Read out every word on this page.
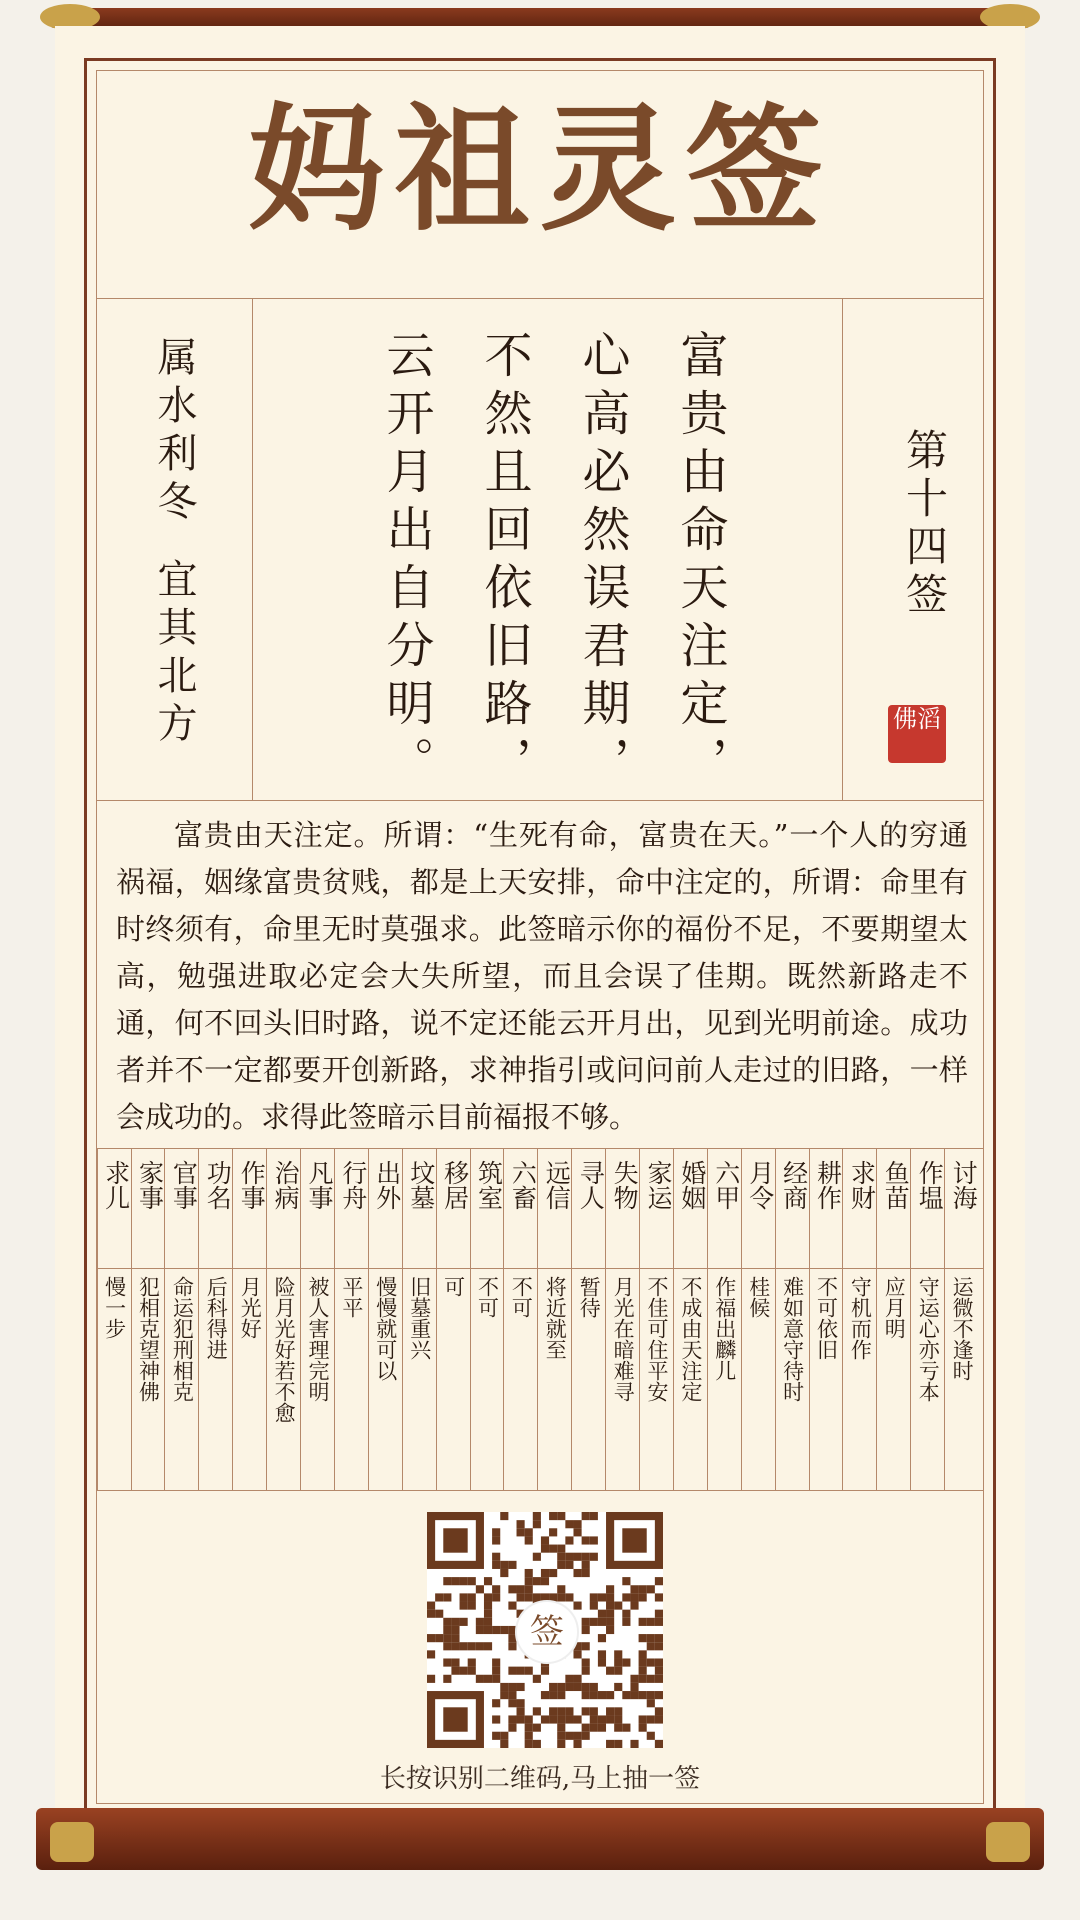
妈祖灵签
属水利冬
宜其北方	富贵由命天注定，
心高必然误君期，
不然且回依旧路，
云开月出自分明。	第十四签
佛滔
富贵由天注定。所谓：“生死有命，富贵在天。”一个人的穷通祸福，姻缘富贵贫贱，都是上天安排，命中注定的，所谓：命里有时终须有，命里无时莫强求。此签暗示你的福份不足，不要期望太高，勉强进取必定会大失所望，而且会误了佳期。既然新路走不通，何不回头旧时路，说不定还能云开月出，见到光明前途。成功者并不一定都要开创新路，求神指引或问问前人走过的旧路，一样会成功的。求得此签暗示目前福报不够。
讨海
运微不逢时
作塭
守运心亦亏本
鱼苗
应月明
求财
守机而作
耕作
不可依旧
经商
难如意守待时
月令
桂候
六甲
作福出麟儿
婚姻
不成由天注定
家运
不佳可住平安
失物
月光在暗难寻
寻人
暂待
远信
将近就至
六畜
不可
筑室
不可
移居
可
坟墓
旧墓重兴
出外
慢慢就可以
行舟
平平
凡事
被人害理完明
治病
险月光好若不愈
作事
月光好
功名
后科得进
官事
命运犯刑相克
家事
犯相克望神佛
求儿
慢一步
签
长按识别二维码,马上抽一签
